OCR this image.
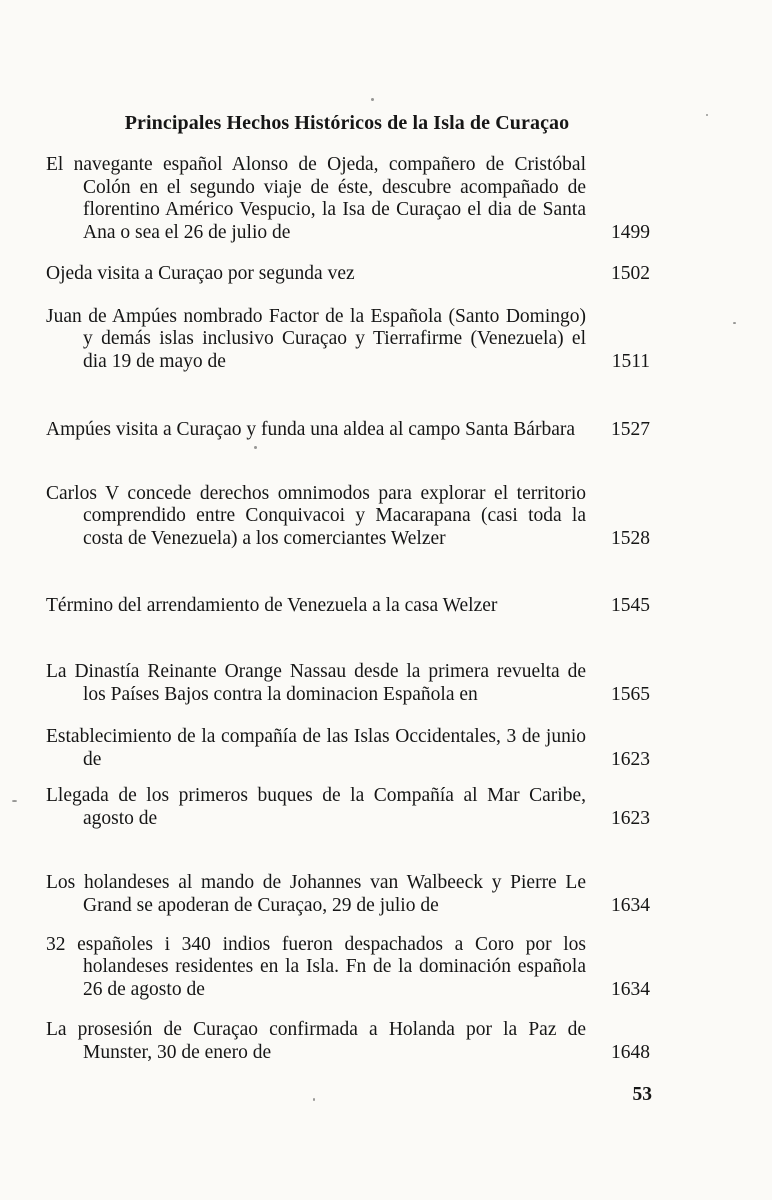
Principales Hechos Históricos de la Isla de Curaçao
El navegante español Alonso de Ojeda, compañero de Cristóbal Colón en el segundo viaje de éste, descubre acompañado de florentino Américo Vespucio, la Isa de Curaçao el dia de Santa Ana o sea el 26 de julio de	1499
Ojeda visita a Curaçao por segunda vez	1502
Juan de Ampúes nombrado Factor de la Española (Santo Domingo) y demás islas inclusivo Curaçao y Tierrafirme (Venezuela) el dia 19 de mayo de	1511
Ampúes visita a Curaçao y funda una aldea al campo Santa Bárbara	1527
Carlos V concede derechos omnimodos para explorar el territorio comprendido entre Conquivacoi y Macarapana (casi toda la costa de Venezuela) a los comerciantes Welzer	1528
Término del arrendamiento de Venezuela a la casa Welzer	1545
La Dinastía Reinante Orange Nassau desde la primera revuelta de los Países Bajos contra la dominacion Española en	1565
Establecimiento de la compañía de las Islas Occidentales, 3 de junio de	1623
Llegada de los primeros buques de la Compañía al Mar Caribe, agosto de	1623
Los holandeses al mando de Johannes van Walbeeck y Pierre Le Grand se apoderan de Curaçao, 29 de julio de	1634
32 españoles i 340 indios fueron despachados a Coro por los holandeses residentes en la Isla. Fn de la dominación española 26 de agosto de	1634
La prosesión de Curaçao confirmada a Holanda por la Paz de Munster, 30 de enero de	1648
53
